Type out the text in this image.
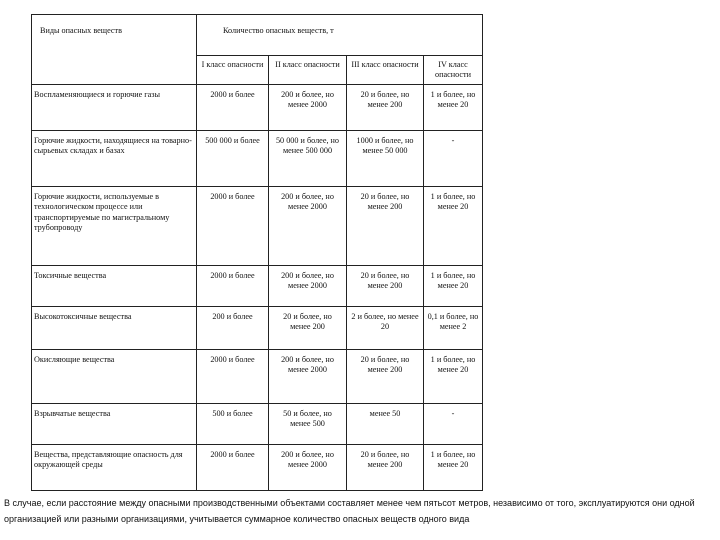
Виды опасных веществ	Количество опасных веществ, т			
	I класс опасности	II класс опасности	III класс опасности	IV класс опасности
Воспламеняющиеся и горючие газы	2000 и более	200 и более, но менее 2000	20 и более, но менее 200	1 и более, но менее 20
Горючие жидкости, находящиеся на товарно-сырьевых складах и базах	500 000 и более	50 000 и более, но менее 500 000	1000 и более, но менее 50 000	-
Горючие жидкости, используемые в технологическом процессе или транспортируемые по магистральному трубопроводу	2000 и более	200 и более, но менее 2000	20 и более, но менее 200	1 и более, но менее 20
Токсичные вещества	2000 и более	200 и более, но менее 2000	20 и более, но менее 200	1 и более, но менее 20
Высокотоксичные вещества	200 и более	20 и более, но менее 200	2 и более, но менее 20	0,1 и более, но менее 2
Окисляющие вещества	2000 и более	200 и более, но менее 2000	20 и более, но менее 200	1 и более, но менее 20
Взрывчатые вещества	500 и более	50 и более, но менее 500	менее 50	-
Вещества, представляющие опасность для окружающей среды	2000 и более	200 и более, но менее 2000	20 и более, но менее 200	1 и более, но менее 20
В случае, если расстояние между опасными производственными объектами составляет менее чем пятьсот метров, независимо от того, эксплуатируются они одной организацией или разными организациями, учитывается суммарное количество опасных веществ одного вида
